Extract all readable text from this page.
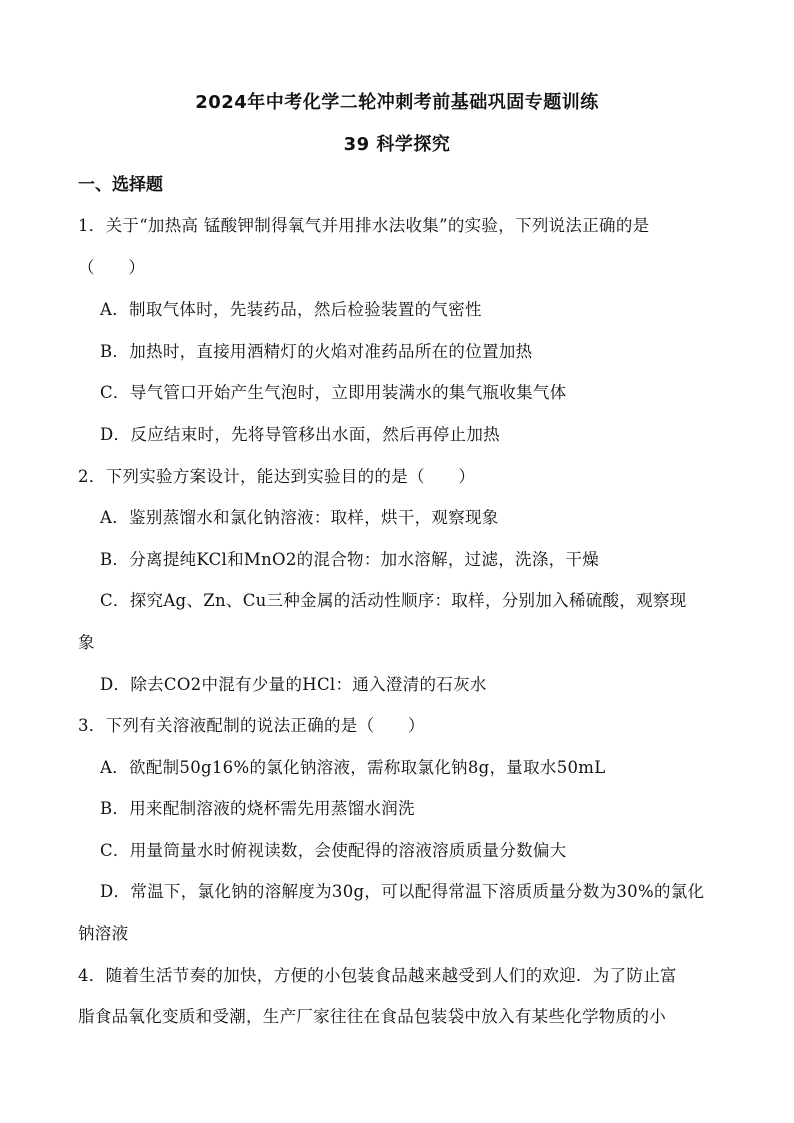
2024年中考化学二轮冲刺考前基础巩固专题训练
39 科学探究
一、选择题
1．关于“加热高 锰酸钾制得氧气并用排水法收集”的实验，下列说法正确的是
（　　）
A．制取气体时，先装药品，然后检验装置的气密性
B．加热时，直接用酒精灯的火焰对准药品所在的位置加热
C．导气管口开始产生气泡时，立即用装满水的集气瓶收集气体
D．反应结束时，先将导管移出水面，然后再停止加热
2．下列实验方案设计，能达到实验目的的是（　　）
A．鉴别蒸馏水和氯化钠溶液：取样，烘干，观察现象
B．分离提纯KCl和MnO2的混合物：加水溶解，过滤，洗涤，干燥
C．探究Ag、Zn、Cu三种金属的活动性顺序：取样，分别加入稀硫酸，观察现
象
D．除去CO2中混有少量的HCl：通入澄清的石灰水
3．下列有关溶液配制的说法正确的是（　　）
A．欲配制50g16%的氯化钠溶液，需称取氯化钠8g，量取水50mL
B．用来配制溶液的烧杯需先用蒸馏水润洗
C．用量筒量水时俯视读数，会使配得的溶液溶质质量分数偏大
D．常温下，氯化钠的溶解度为30g，可以配得常温下溶质质量分数为30%的氯化
钠溶液
4．随着生活节奏的加快，方便的小包装食品越来越受到人们的欢迎．为了防止富
脂食品氧化变质和受潮，生产厂家往往在食品包装袋中放入有某些化学物质的小
